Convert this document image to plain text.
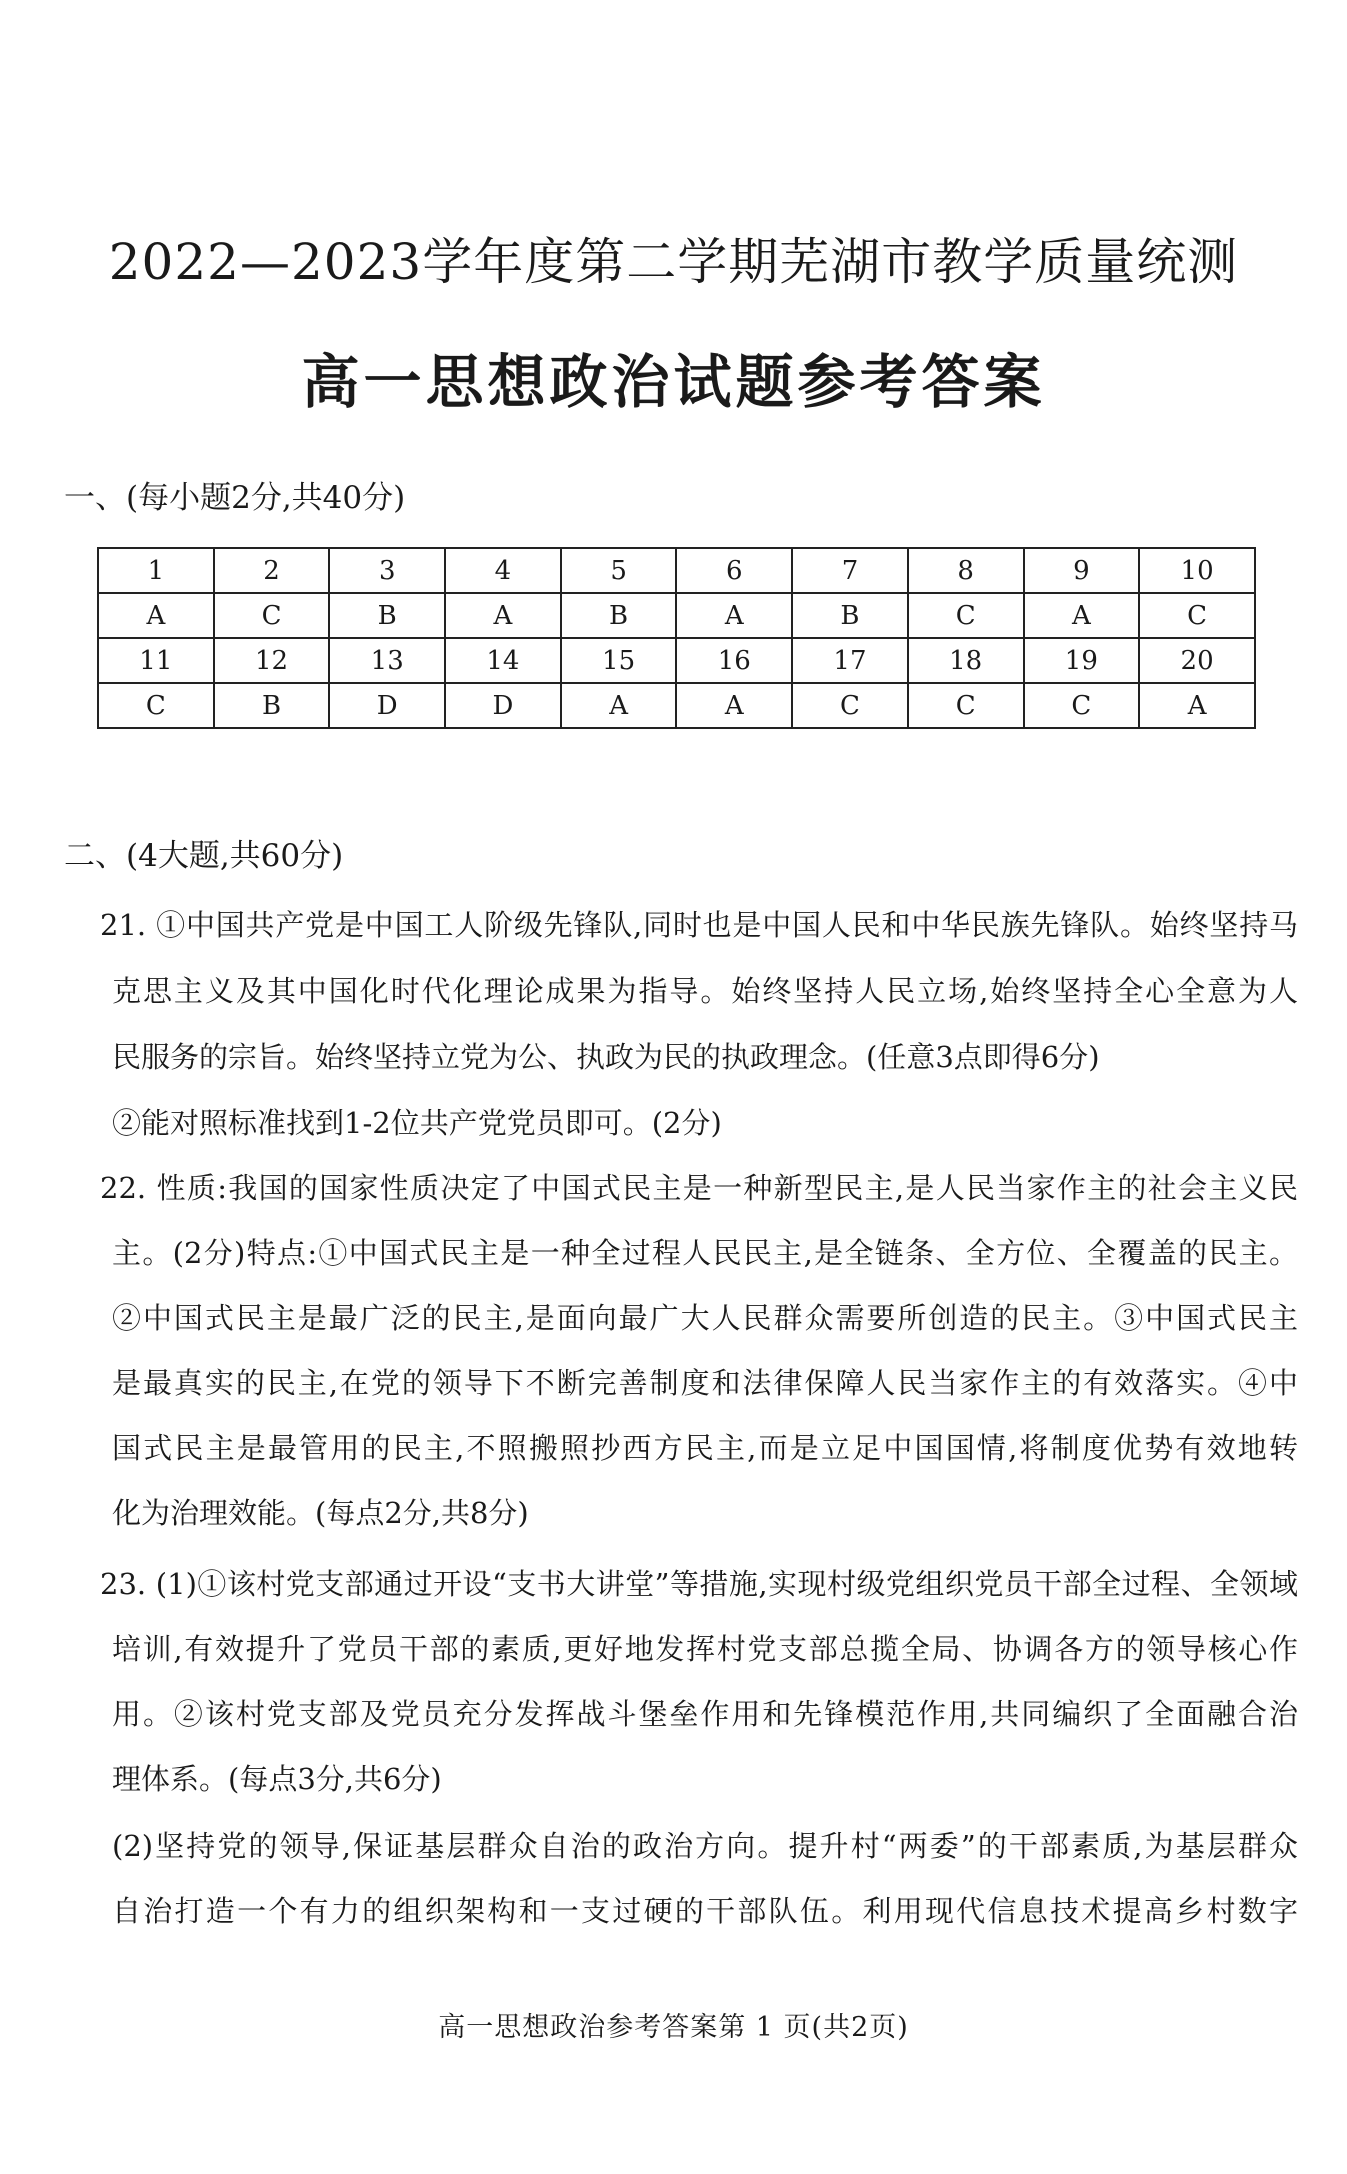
2022—2023学年度第二学期芜湖市教学质量统测
高一思想政治试题参考答案
一、(每小题2分,共40分)
1	2	3	4	5	6	7	8	9	10
A	C	B	A	B	A	B	C	A	C
11	12	13	14	15	16	17	18	19	20
C	B	D	D	A	A	C	C	C	A
二、(4大题,共60分)
21. ①中国共产党是中国工人阶级先锋队,同时也是中国人民和中华民族先锋队。始终坚持马
克思主义及其中国化时代化理论成果为指导。始终坚持人民立场,始终坚持全心全意为人
民服务的宗旨。始终坚持立党为公、执政为民的执政理念。(任意3点即得6分)
②能对照标准找到1-2位共产党党员即可。(2分)
22. 性质:我国的国家性质决定了中国式民主是一种新型民主,是人民当家作主的社会主义民
主。(2分)特点:①中国式民主是一种全过程人民民主,是全链条、全方位、全覆盖的民主。
②中国式民主是最广泛的民主,是面向最广大人民群众需要所创造的民主。③中国式民主
是最真实的民主,在党的领导下不断完善制度和法律保障人民当家作主的有效落实。④中
国式民主是最管用的民主,不照搬照抄西方民主,而是立足中国国情,将制度优势有效地转
化为治理效能。(每点2分,共8分)
23. (1)①该村党支部通过开设“支书大讲堂”等措施,实现村级党组织党员干部全过程、全领域
培训,有效提升了党员干部的素质,更好地发挥村党支部总揽全局、协调各方的领导核心作
用。②该村党支部及党员充分发挥战斗堡垒作用和先锋模范作用,共同编织了全面融合治
理体系。(每点3分,共6分)
(2)坚持党的领导,保证基层群众自治的政治方向。提升村“两委”的干部素质,为基层群众
自治打造一个有力的组织架构和一支过硬的干部队伍。利用现代信息技术提高乡村数字
高一思想政治参考答案第 1 页(共2页)
